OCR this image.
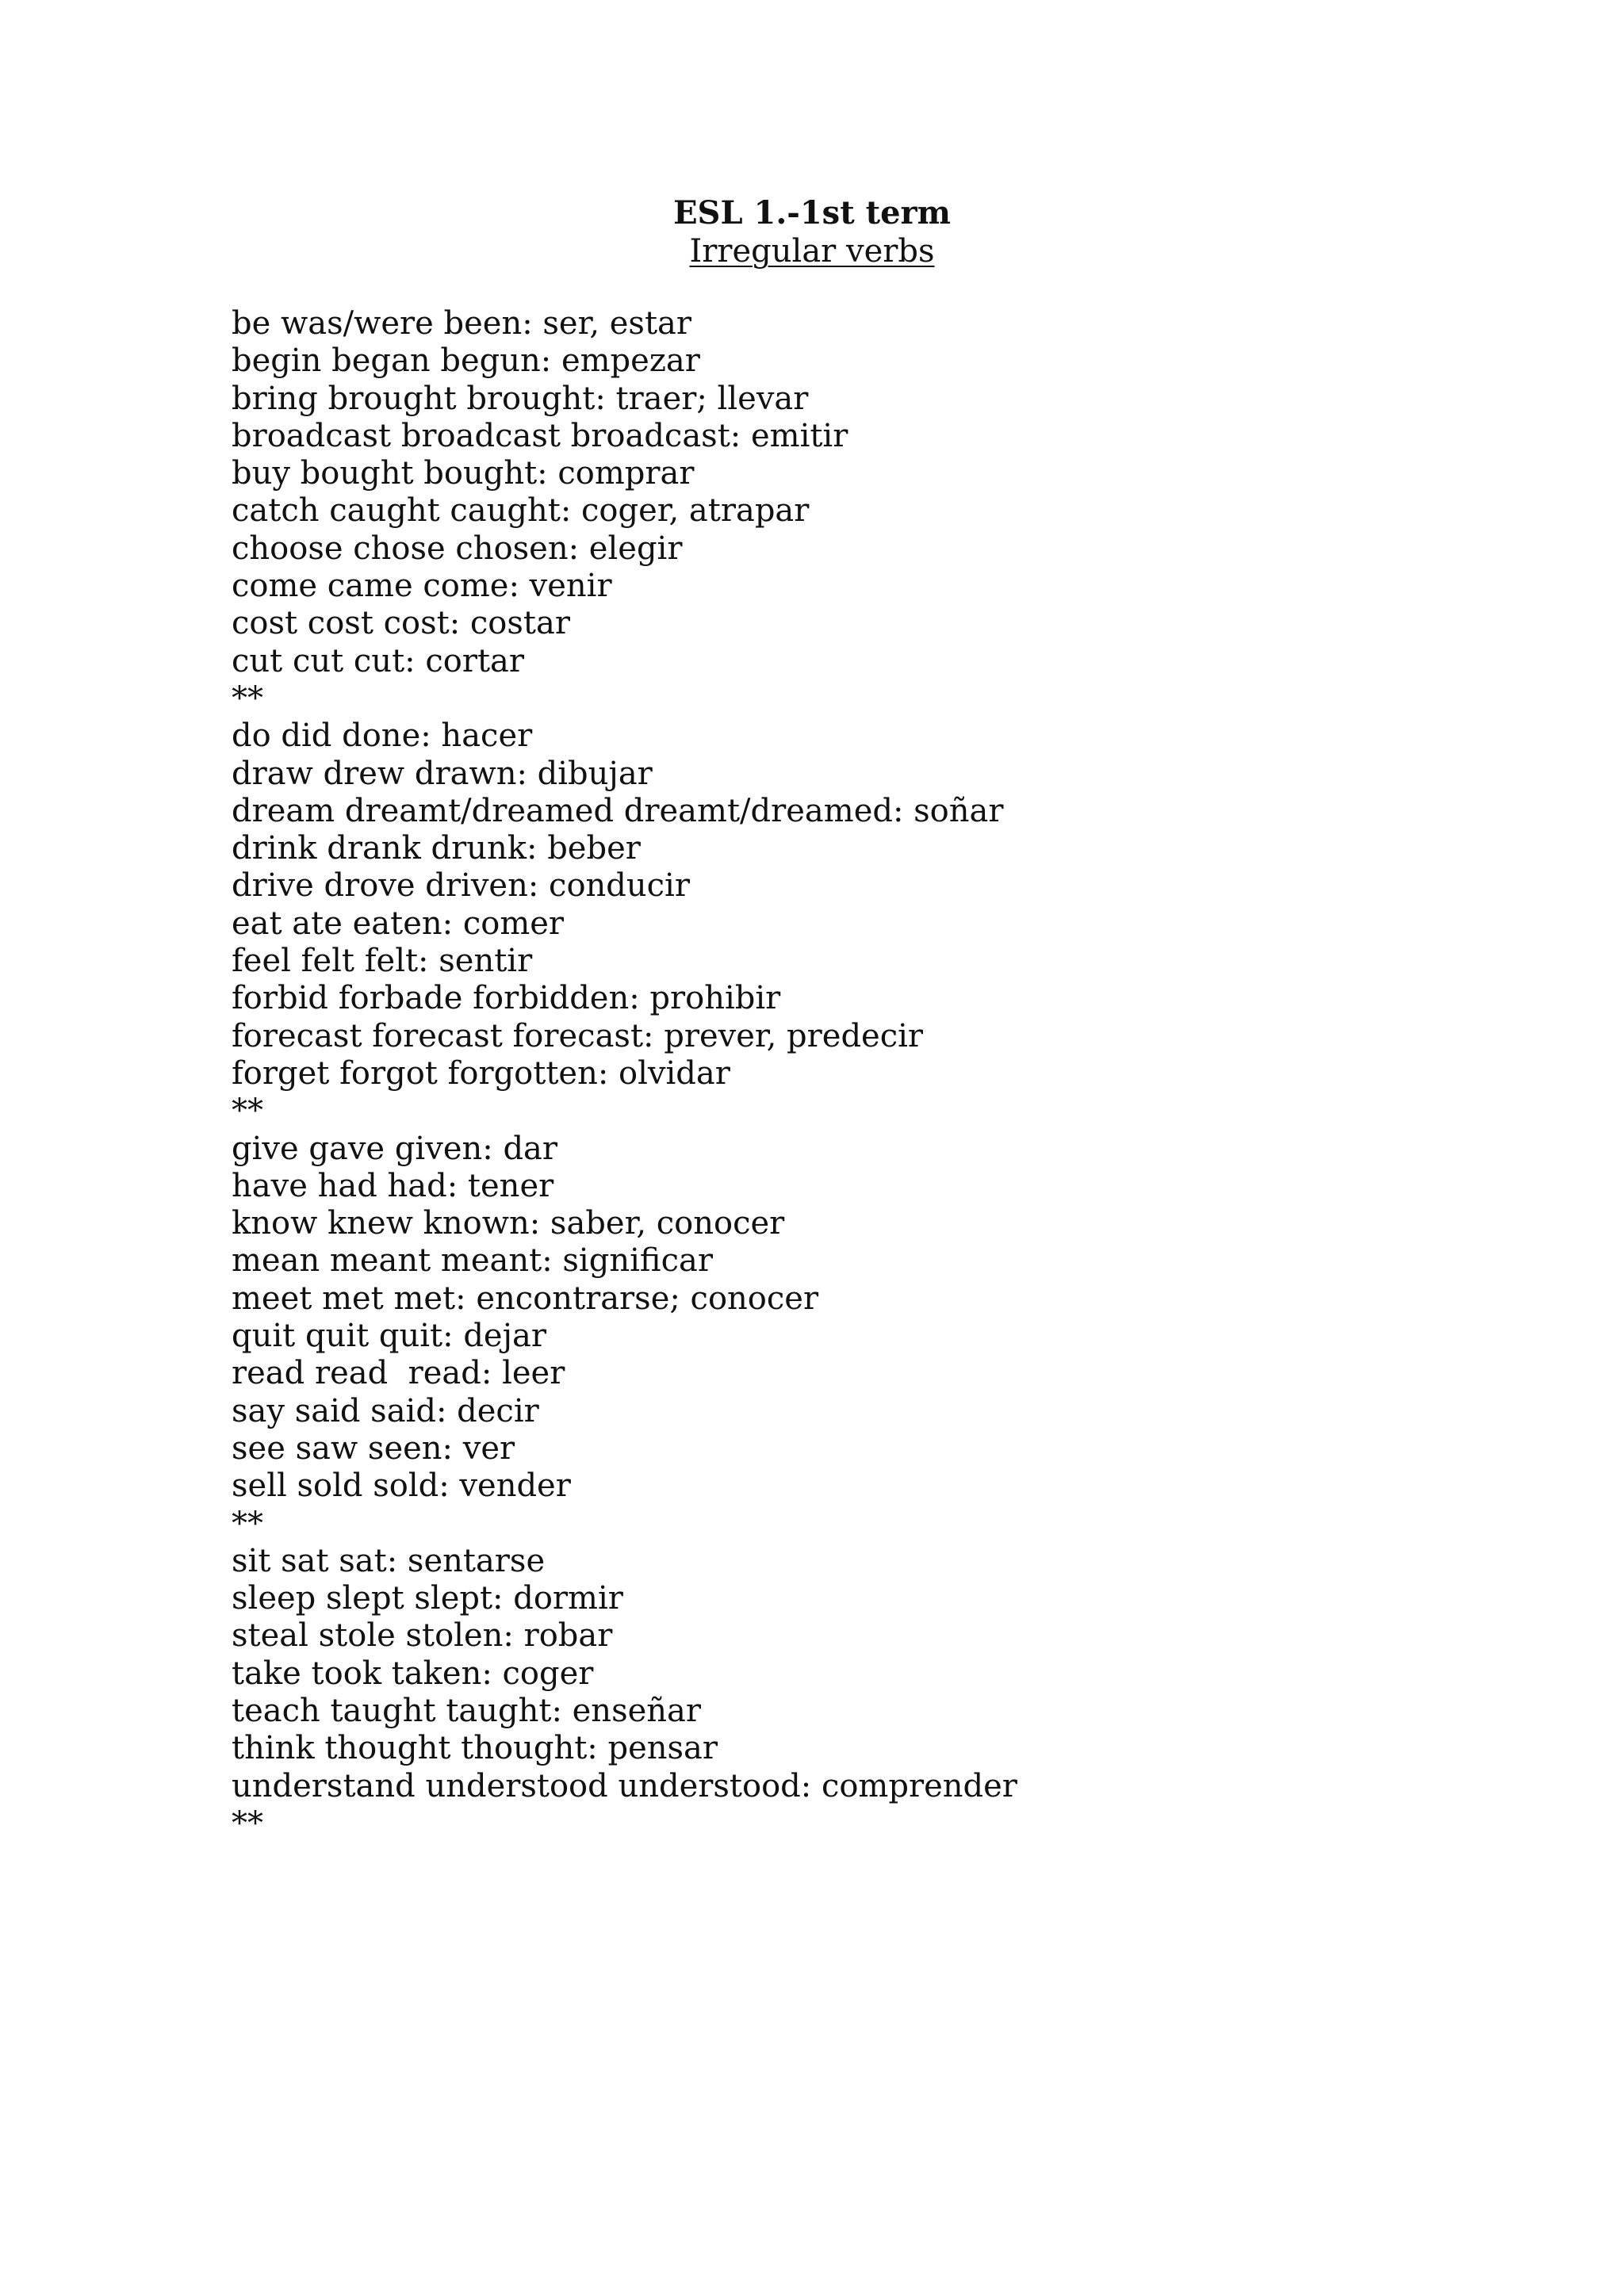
ESL 1.-1st term
Irregular verbs
be was/were been: ser, estar
begin began begun: empezar
bring brought brought: traer; llevar
broadcast broadcast broadcast: emitir
buy bought bought: comprar
catch caught caught: coger, atrapar
choose chose chosen: elegir
come came come: venir
cost cost cost: costar
cut cut cut: cortar
**
do did done: hacer
draw drew drawn: dibujar
dream dreamt/dreamed dreamt/dreamed: soñar
drink drank drunk: beber
drive drove driven: conducir
eat ate eaten: comer
feel felt felt: sentir
forbid forbade forbidden: prohibir
forecast forecast forecast: prever, predecir
forget forgot forgotten: olvidar
**
give gave given: dar
have had had: tener
know knew known: saber, conocer
mean meant meant: significar
meet met met: encontrarse; conocer
quit quit quit: dejar
read read  read: leer
say said said: decir
see saw seen: ver
sell sold sold: vender
**
sit sat sat: sentarse
sleep slept slept: dormir
steal stole stolen: robar
take took taken: coger
teach taught taught: enseñar
think thought thought: pensar
understand understood understood: comprender
**
